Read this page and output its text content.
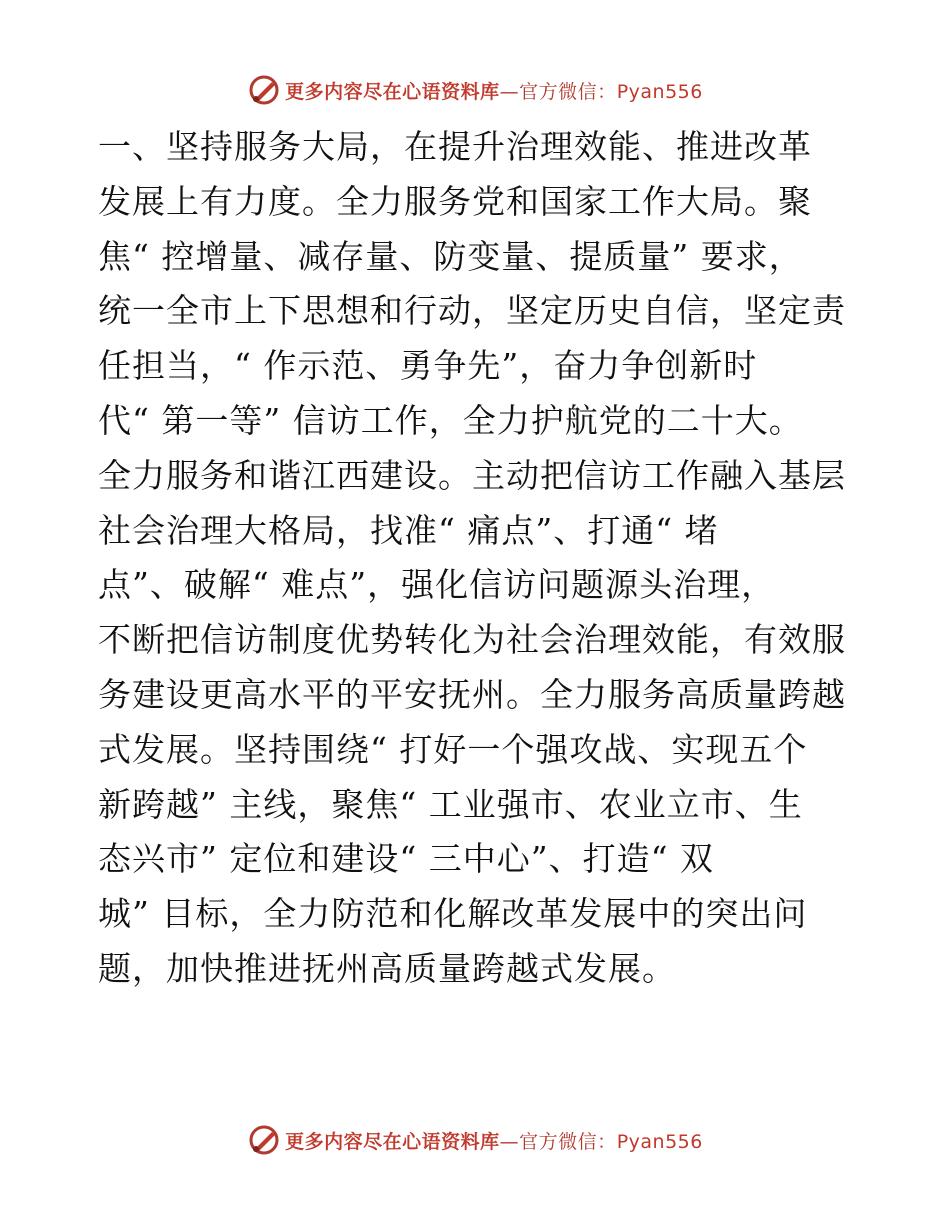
更多内容尽在心语资料库—官方微信：Pyan556
一、坚持服务大局，在提升治理效能、推进改革
发展上有力度。全力服务党和国家工作大局。聚
焦“ 控增量、减存量、防变量、提质量” 要求，
统一全市上下思想和行动，坚定历史自信，坚定责
任担当，“ 作示范、勇争先”，奋力争创新时
代“ 第一等” 信访工作，全力护航党的二十大。
全力服务和谐江西建设。主动把信访工作融入基层
社会治理大格局，找准“ 痛点”、打通“ 堵
点”、破解“ 难点”，强化信访问题源头治理，
不断把信访制度优势转化为社会治理效能，有效服
务建设更高水平的平安抚州。全力服务高质量跨越
式发展。坚持围绕“ 打好一个强攻战、实现五个
新跨越” 主线，聚焦“ 工业强市、农业立市、生
态兴市” 定位和建设“ 三中心”、打造“ 双
城” 目标，全力防范和化解改革发展中的突出问
题，加快推进抚州高质量跨越式发展。
更多内容尽在心语资料库—官方微信：Pyan556
